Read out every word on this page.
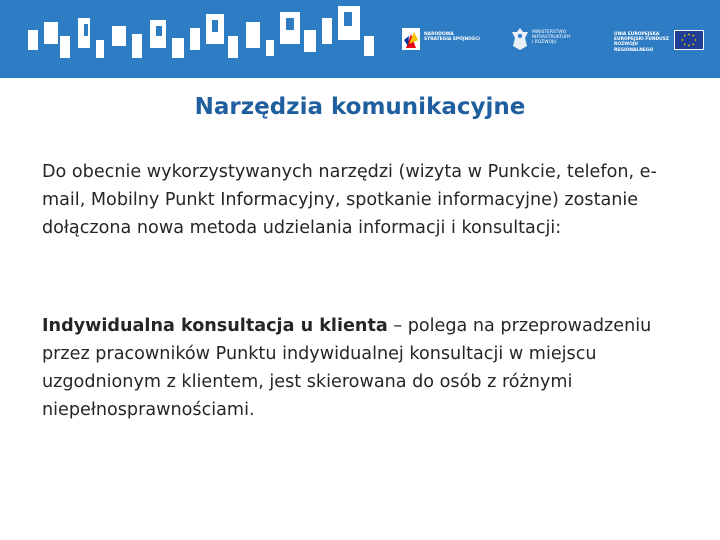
NARODOWA
STRATEGIA SPÓJNOŚCI
MINISTERSTWO
INFRASTRUKTURY
I ROZWOJU
UNIA EUROPEJSKA
EUROPEJSKI FUNDUSZ
ROZWOJU REGIONALNEGO
Narzędzia komunikacyjne
Do obecnie wykorzystywanych narzędzi (wizyta w Punkcie, telefon, e-mail, Mobilny Punkt Informacyjny, spotkanie informacyjne) zostanie dołączona nowa metoda udzielania informacji i konsultacji:
Indywidualna konsultacja u klienta – polega na przeprowadzeniu przez pracowników Punktu indywidualnej konsultacji w miejscu uzgodnionym z klientem, jest skierowana do osób z różnymi niepełnosprawnościami.
